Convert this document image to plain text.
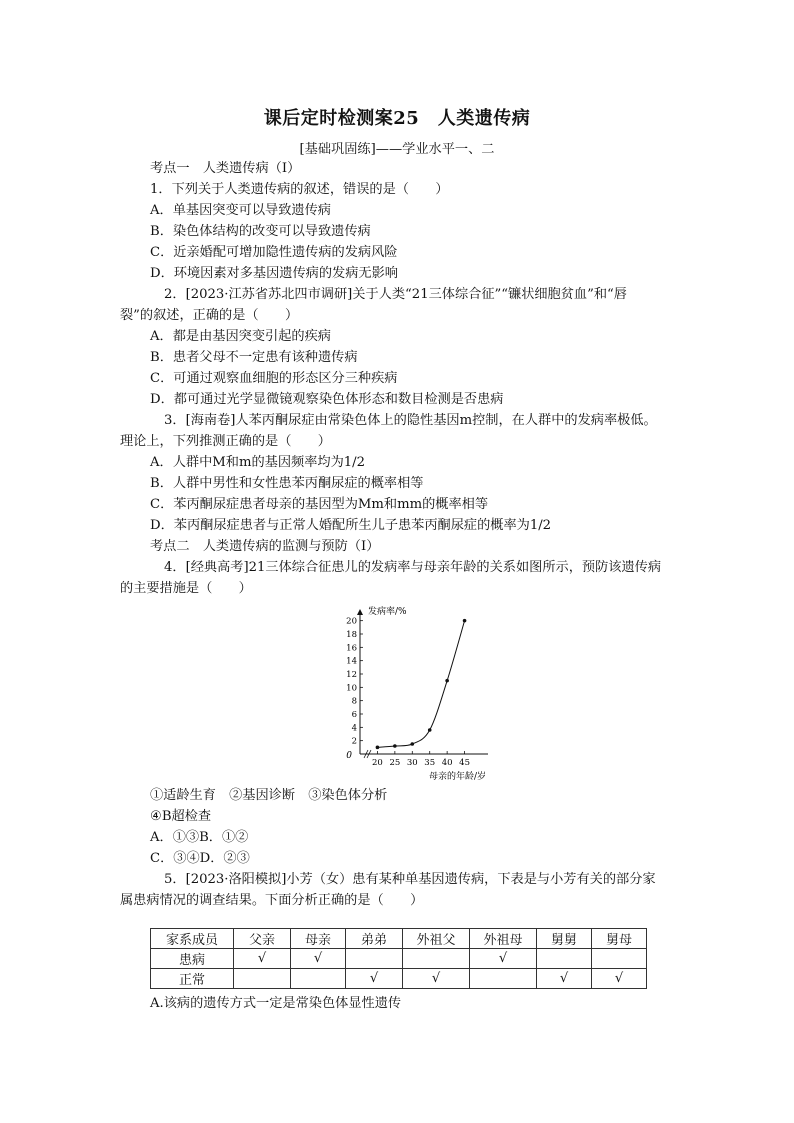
课后定时检测案25　人类遗传病
[基础巩固练]——学业水平一、二
考点一　人类遗传病（Ⅰ）
1．下列关于人类遗传病的叙述，错误的是（　　）
A．单基因突变可以导致遗传病
B．染色体结构的改变可以导致遗传病
C．近亲婚配可增加隐性遗传病的发病风险
D．环境因素对多基因遗传病的发病无影响
2．[2023·江苏省苏北四市调研]关于人类“21三体综合征”“镰状细胞贫血”和“唇
裂”的叙述，正确的是（　　）
A．都是由基因突变引起的疾病
B．患者父母不一定患有该种遗传病
C．可通过观察血细胞的形态区分三种疾病
D．都可通过光学显微镜观察染色体形态和数目检测是否患病
3．[海南卷]人苯丙酮尿症由常染色体上的隐性基因m控制，在人群中的发病率极低。
理论上，下列推测正确的是（　　）
A．人群中M和m的基因频率均为1/2
B．人群中男性和女性患苯丙酮尿症的概率相等
C．苯丙酮尿症患者母亲的基因型为Mm和mm的概率相等
D．苯丙酮尿症患者与正常人婚配所生儿子患苯丙酮尿症的概率为1/2
考点二　人类遗传病的监测与预防（Ⅰ）
4．[经典高考]21三体综合征患儿的发病率与母亲年龄的关系如图所示，预防该遗传病
的主要措施是（　　）
2
4
6
8
10
12
14
16
18
20
20 25 30 35 40 45
0
发病率/%
母亲的年龄/岁
①适龄生育　②基因诊断　③染色体分析
④B超检查
A．①③B．①②
C．③④D．②③
5．[2023·洛阳模拟]小芳（女）患有某种单基因遗传病，下表是与小芳有关的部分家
属患病情况的调查结果。下面分析正确的是（　　）
家系成员	父亲	母亲	弟弟	外祖父	外祖母	舅舅	舅母
患病	√	√			√		
正常			√	√		√	√
A.该病的遗传方式一定是常染色体显性遗传
